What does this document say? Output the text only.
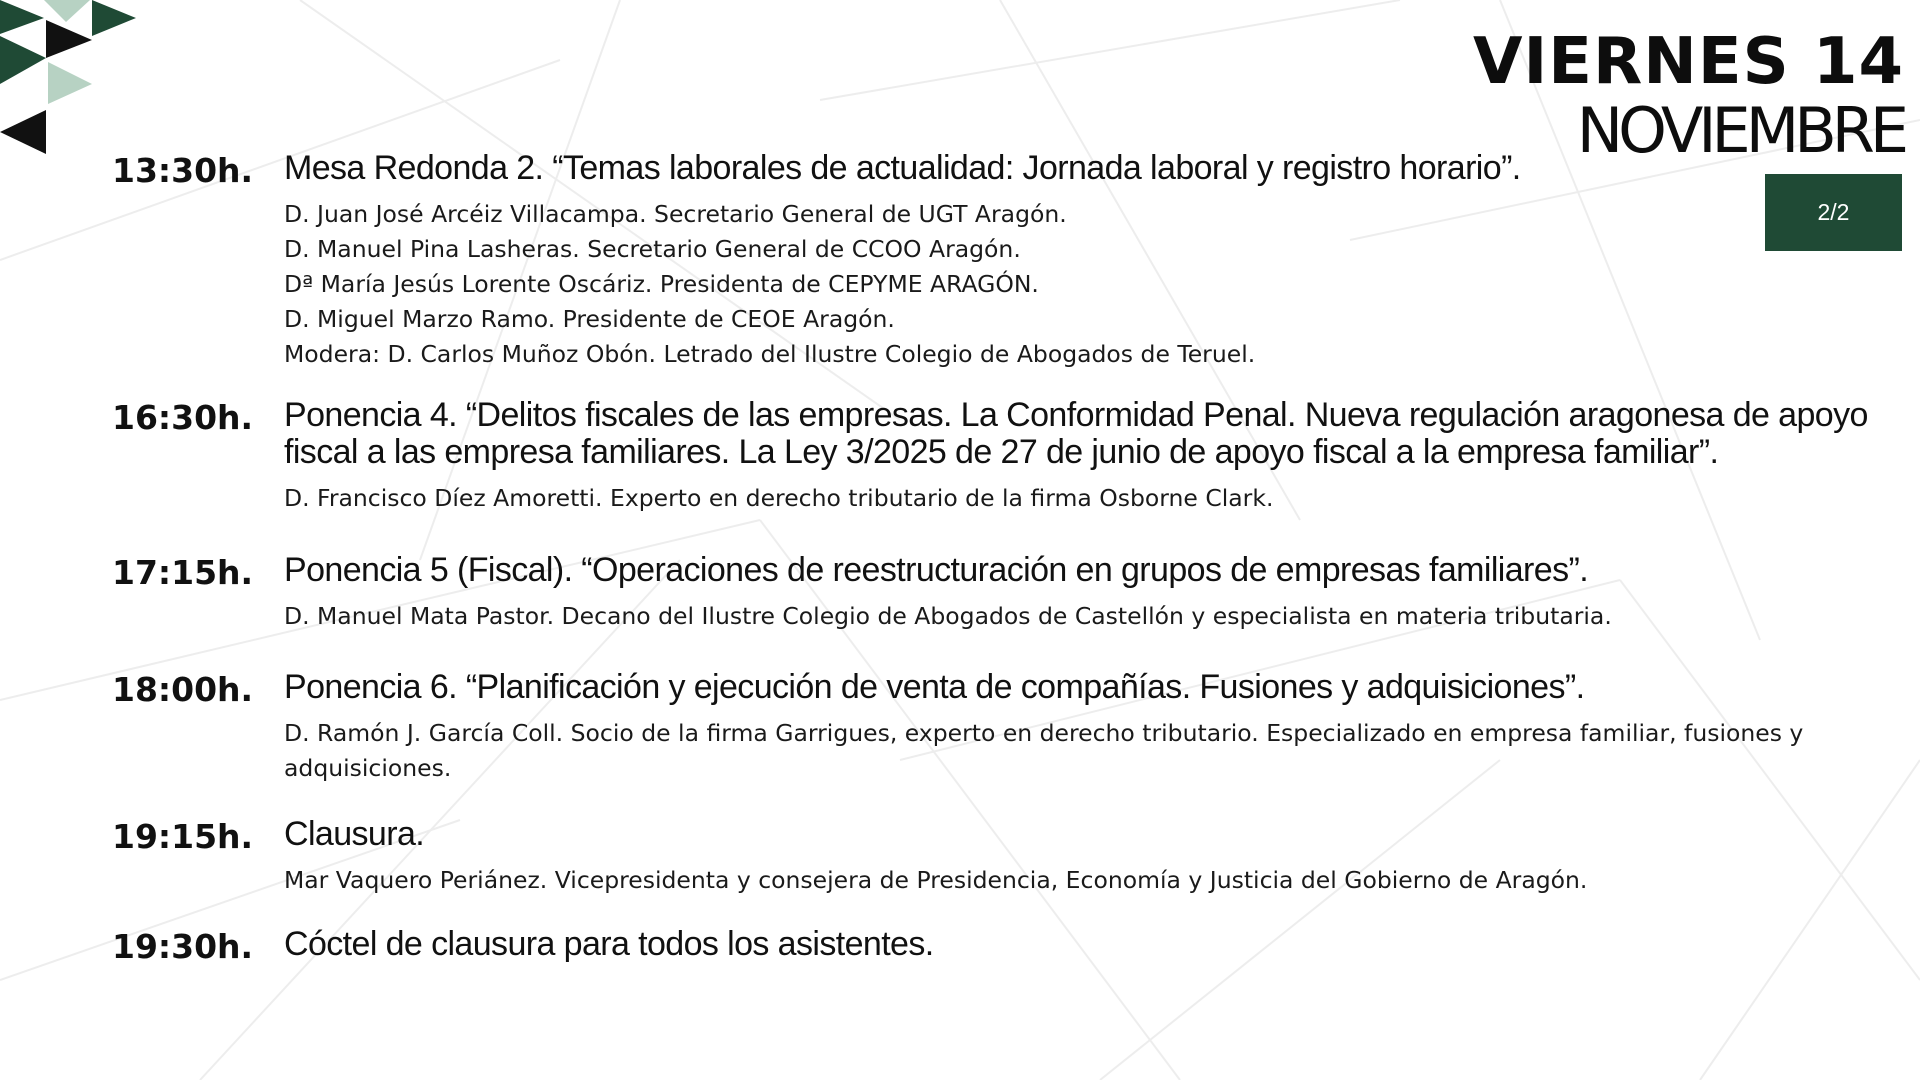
VIERNES 14
NOVIEMBRE
2/2
13:30h. Mesa Redonda 2. “Temas laborales de actualidad: Jornada laboral y registro horario”.
D. Juan José Arcéiz Villacampa. Secretario General de UGT Aragón.
D. Manuel Pina Lasheras. Secretario General de CCOO Aragón.
Dª María Jesús Lorente Oscáriz. Presidenta de CEPYME ARAGÓN.
D. Miguel Marzo Ramo. Presidente de CEOE Aragón.
Modera: D. Carlos Muñoz Obón. Letrado del Ilustre Colegio de Abogados de Teruel.
16:30h. Ponencia 4. “Delitos fiscales de las empresas. La Conformidad Penal. Nueva regulación aragonesa de apoyo fiscal a las empresa familiares. La Ley 3/2025 de 27 de junio de apoyo fiscal a la empresa familiar”.
D. Francisco Díez Amoretti. Experto en derecho tributario de la firma Osborne Clark.
17:15h. Ponencia 5 (Fiscal). “Operaciones de reestructuración en grupos de empresas familiares”.
D. Manuel Mata Pastor. Decano del Ilustre Colegio de Abogados de Castellón y especialista en materia tributaria.
18:00h. Ponencia 6. “Planificación y ejecución de venta de compañías. Fusiones y adquisiciones”.
D. Ramón J. García Coll. Socio de la firma Garrigues, experto en derecho tributario. Especializado en empresa familiar, fusiones y adquisiciones.
19:15h. Clausura.
Mar Vaquero Periánez. Vicepresidenta y consejera de Presidencia, Economía y Justicia del Gobierno de Aragón.
19:30h. Cóctel de clausura para todos los asistentes.
